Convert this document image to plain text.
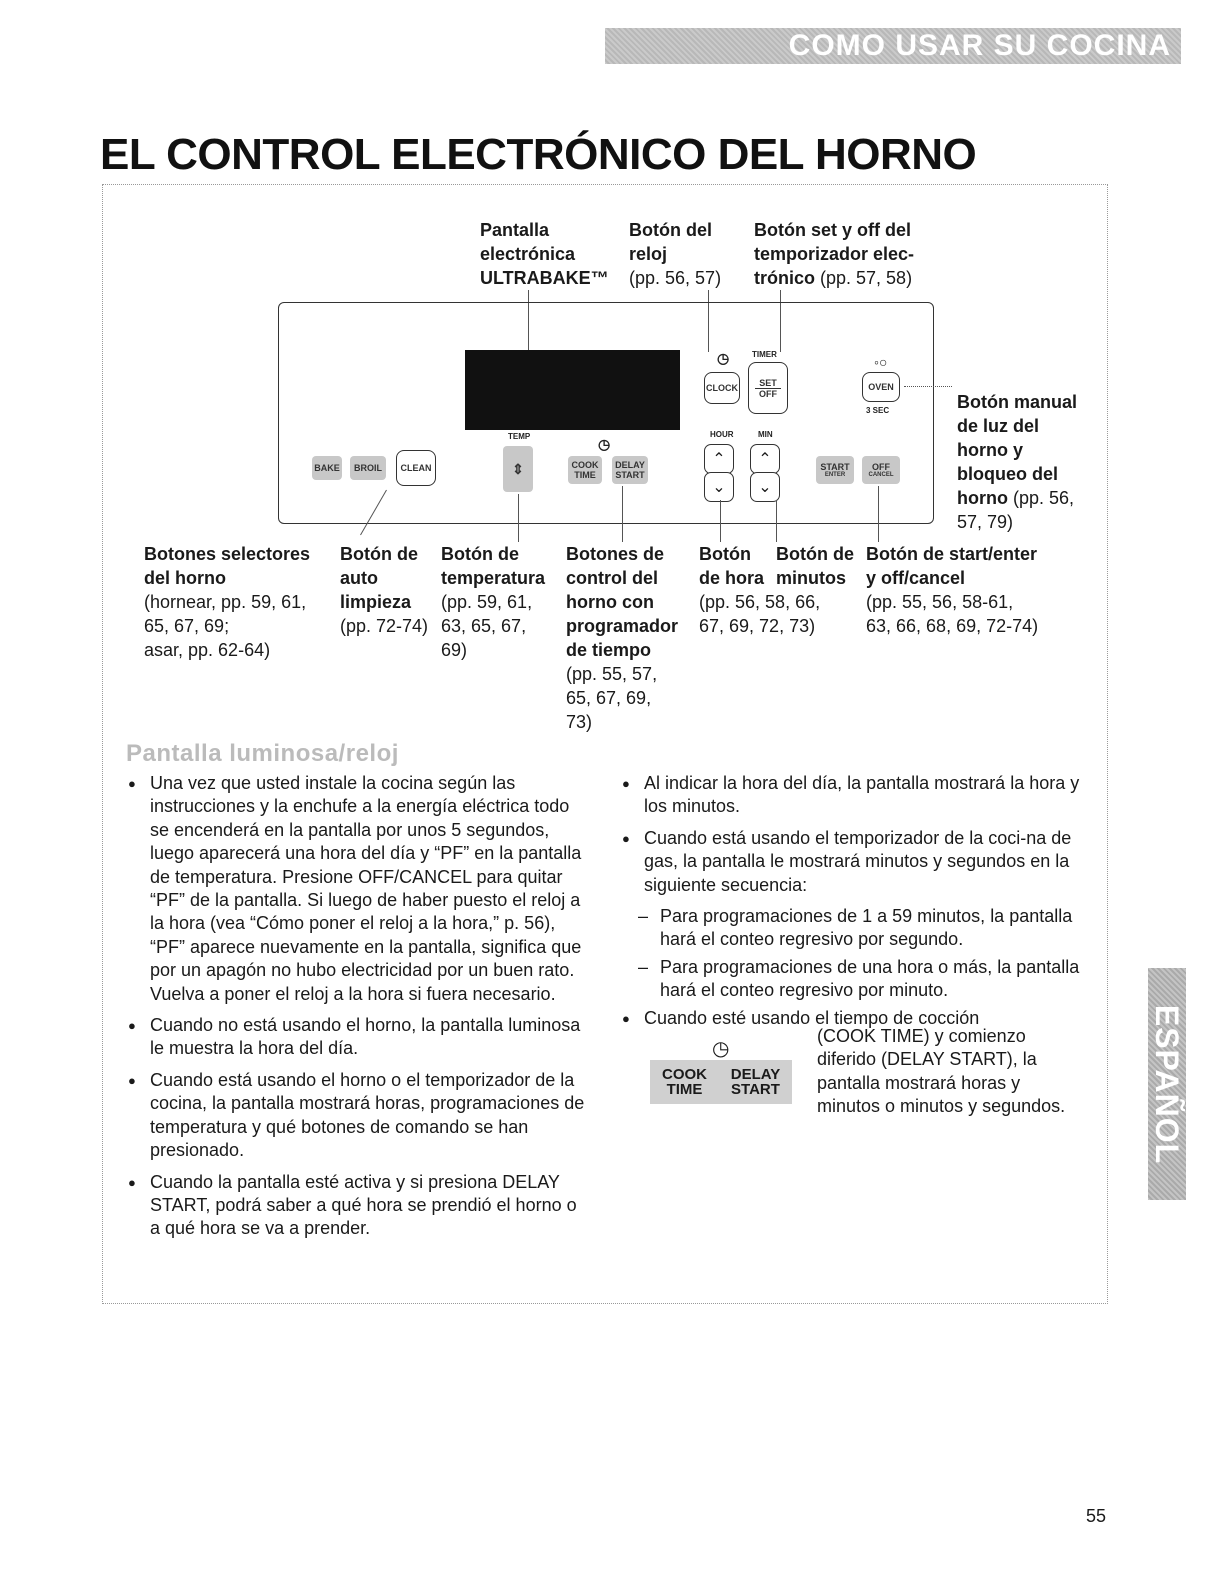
COMO USAR SU COCINA
EL CONTROL ELECTRÓNICO DEL HORNO
Pantalla
electrónica
ULTRABAKE™
Botón del
reloj
(pp. 56, 57)
Botón set y off del
temporizador elec-
trónico (pp. 57, 58)
BAKE	BROIL	CLEAN
TEMP
⇕
◷
COOK TIME
DELAY START
◷
CLOCK
TIMER
SET
OFF
HOUR	MIN
⌃
⌄
⌃
⌄
◦○
OVEN
3 SEC
START
ENTER
OFF
CANCEL
Botón manual
de luz del
horno y
bloqueo del
horno (pp. 56,
57, 79)
Botones selectores
del horno
(hornear, pp. 59, 61,
65, 67, 69;
asar, pp. 62-64)
Botón de
auto
limpieza
(pp. 72-74)
Botón de
temperatura
(pp. 59, 61,
63, 65, 67,
69)
Botones de
control del
horno con
programador
de tiempo
(pp. 55, 57,
65, 67, 69,
73)
Botón
de hora
(pp. 56, 58, 66,
67, 69, 72, 73)
Botón de
minutos
Botón de start/enter
y off/cancel
(pp. 55, 56, 58-61,
63, 66, 68, 69, 72-74)
Pantalla luminosa/reloj
● Una vez que usted instale la cocina según las instrucciones y la enchufe a la energía eléctrica todo se encenderá en la pantalla por unos 5 segundos, luego aparecerá una hora del día y “PF” en la pantalla de temperatura. Presione OFF/CANCEL para quitar “PF” de la pantalla. Si luego de haber puesto el reloj a la hora (vea “Cómo poner el reloj a la hora,” p. 56), “PF” aparece nuevamente en la pantalla, significa que por un apagón no hubo electricidad por un buen rato. Vuelva a poner el reloj a la hora si fuera necesario.
● Cuando no está usando el horno, la pantalla luminosa le muestra la hora del día.
● Cuando está usando el horno o el temporizador de la cocina, la pantalla mostrará horas, programaciones de temperatura y qué botones de comando se han presionado.
● Cuando la pantalla esté activa y si presiona DELAY START, podrá saber a qué hora se prendió el horno o a qué hora se va a prender.
● Al indicar la hora del día, la pantalla mostrará la hora y los minutos.
● Cuando está usando el temporizador de la coci-na de gas, la pantalla le mostrará minutos y segundos en la siguiente secuencia:
– Para programaciones de 1 a 59 minutos, la pantalla hará el conteo regresivo por segundo.
– Para programaciones de una hora o más, la pantalla hará el conteo regresivo por minuto.
● Cuando esté usando el tiempo de cocción
(COOK TIME) y comienzo diferido (DELAY START), la pantalla mostrará horas y minutos o minutos y segundos.
◷
COOK TIME
DELAY START	ESPAÑOL
55
